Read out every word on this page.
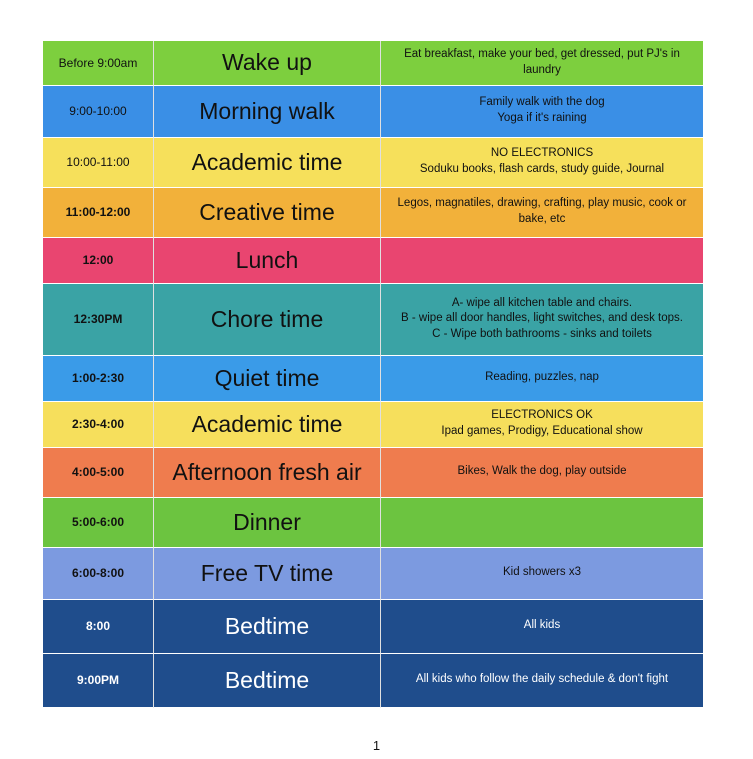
Before 9:00am	Wake up	Eat breakfast, make your bed, get dressed, put PJ's in laundry

9:00-10:00	Morning walk	Family walk with the dog
Yoga if it's raining

10:00-11:00	Academic time	NO ELECTRONICS
Soduku books, flash cards, study guide, Journal

11:00-12:00	Creative time	Legos, magnatiles, drawing, crafting, play music, cook or bake, etc

12:00	Lunch	
12:30PM	Chore time	A- wipe all kitchen table and chairs.
B - wipe all door handles, light switches, and desk tops.
C - Wipe both bathrooms - sinks and toilets

1:00-2:30	Quiet time	Reading, puzzles, nap

2:30-4:00	Academic time	ELECTRONICS OK
Ipad games, Prodigy, Educational show

4:00-5:00	Afternoon fresh air	Bikes, Walk the dog, play outside

5:00-6:00	Dinner	
6:00-8:00	Free TV time	Kid showers x3

8:00	Bedtime	All kids

9:00PM	Bedtime	All kids who follow the daily schedule & don't fight
1
